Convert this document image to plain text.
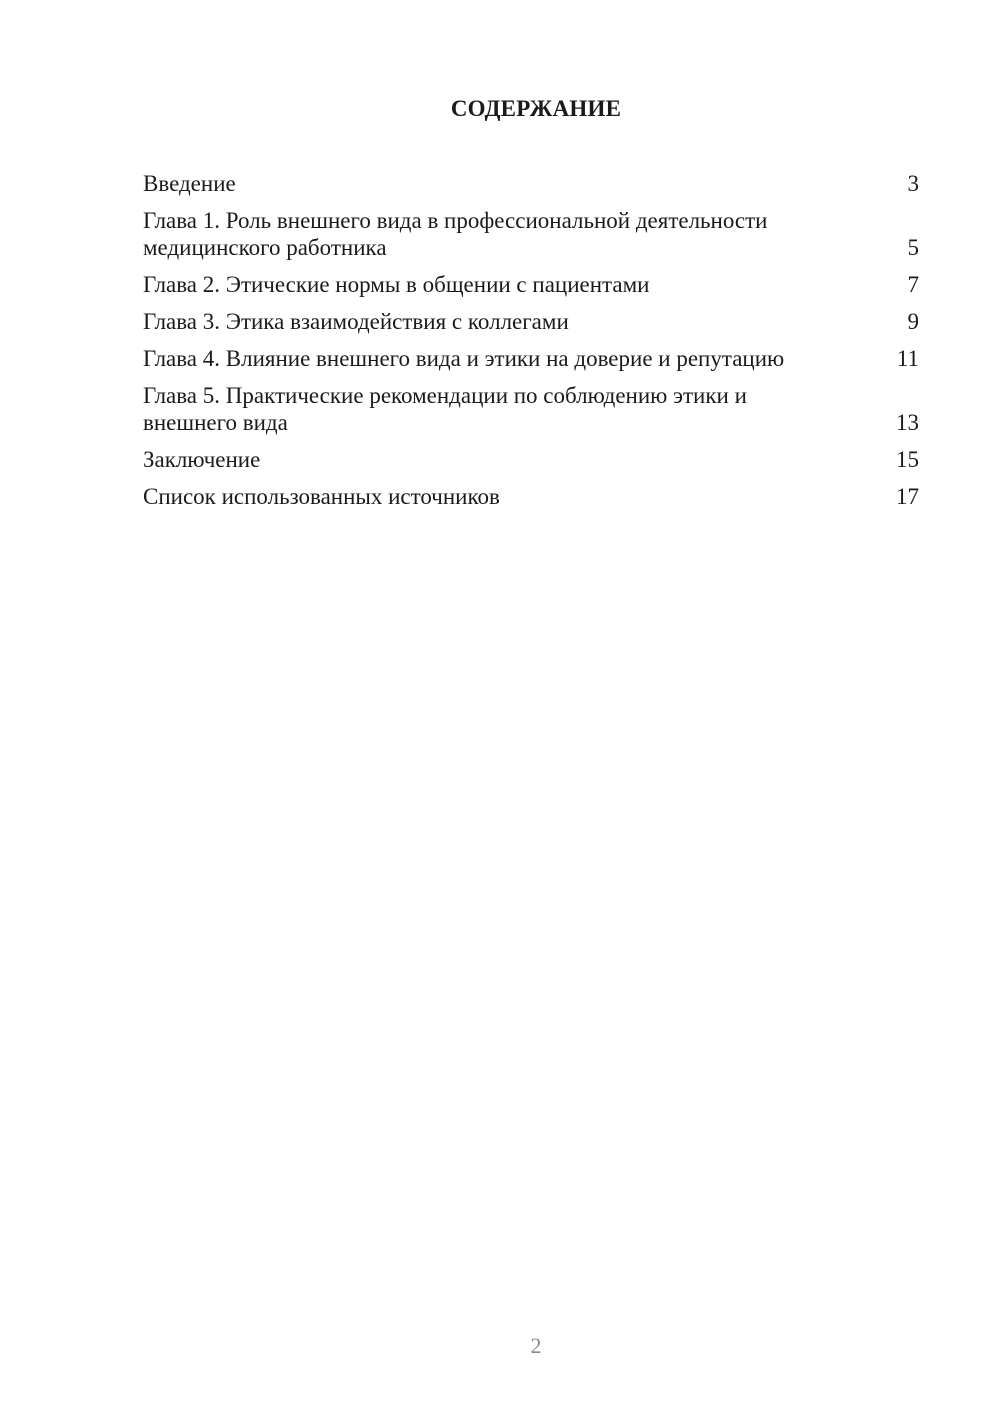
СОДЕРЖАНИЕ
Введение	3
Глава 1. Роль внешнего вида в профессиональной деятельности медицинского работника	5
Глава 2. Этические нормы в общении с пациентами	7
Глава 3. Этика взаимодействия с коллегами	9
Глава 4. Влияние внешнего вида и этики на доверие и репутацию	11
Глава 5. Практические рекомендации по соблюдению этики и внешнего вида	13
Заключение	15
Список использованных источников	17
2
